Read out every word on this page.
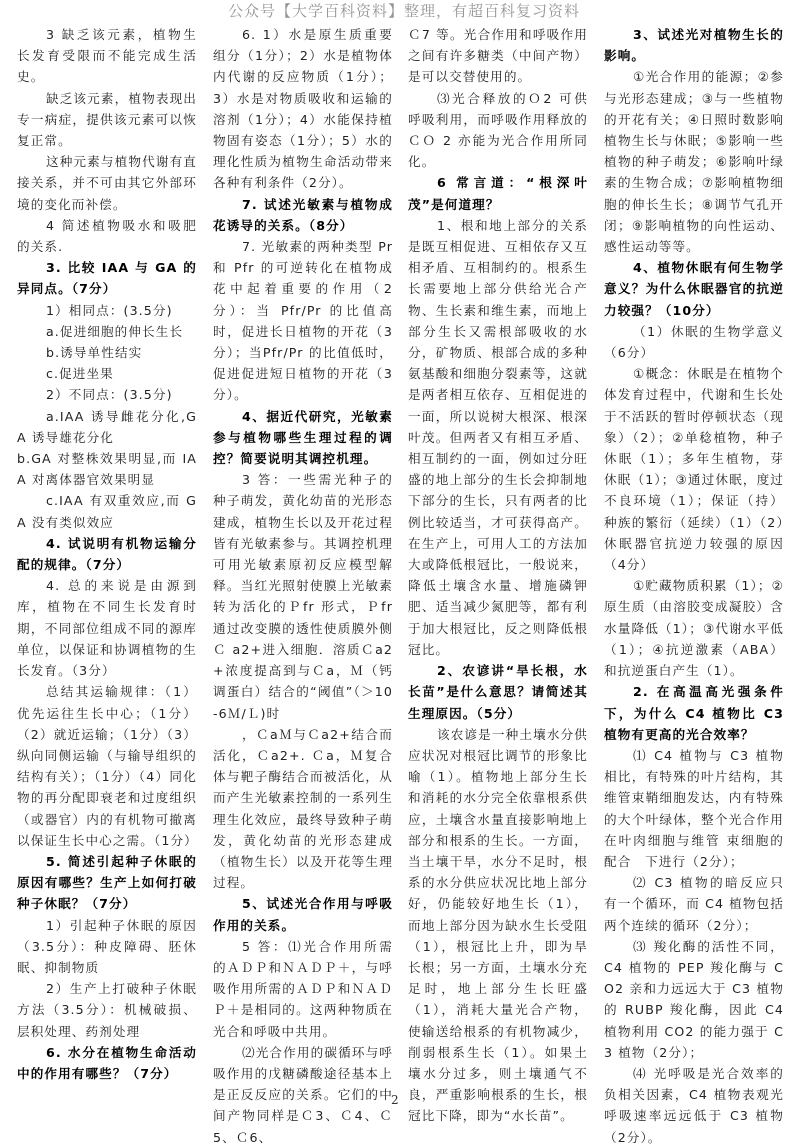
公众号【大学百科资料】整理，有超百科复习资料

3 缺乏该元素，植物生长发育受限而不能完成生活史。

缺乏该元素，植物表现出专一病症，提供该元素可以恢复正常。

这种元素与植物代谢有直接关系，并不可由其它外部环境的变化而补偿。

4 简述植物吸水和吸肥的关系.

3. 比较 IAA 与 GA 的异同点。（7分）

1）相同点：(3.5分)

a.促进细胞的伸长生长

b.诱导单性结实

c.促进坐果

2）不同点：(3.5分)

a.IAA 诱导雌花分化,GA 诱导雄花分化

b.GA 对整株效果明显,而 IAA 对离体器官效果明显

c.IAA 有双重效应,而 GA 没有类似效应

4. 试说明有机物运输分配的规律。（7分）

4. 总的来说是由源到库，植物在不同生长发育时期，不同部位组成不同的源库单位，以保证和协调植物的生长发育。（3分）

总结其运输规律：（1）优先运往生长中心；（1分）（2）就近运输；（1分）（3）纵向同侧运输（与输导组织的结构有关）；（1分）（4）同化物的再分配即衰老和过度组织（或器官）内的有机物可撤离以保证生长中心之需。（1分）

5. 简述引起种子休眠的原因有哪些？生产上如何打破种子休眠？（7分）

1）引起种子休眠的原因（3.5分）：种皮障碍、胚休眠、抑制物质

2）生产上打破种子休眠方法（3.5分）：机械破损、层积处理、药剂处理

6. 水分在植物生命活动中的作用有哪些？（7分）

6. 1）水是原生质重要组分（1分）；2）水是植物体内代谢的反应物质（1分）；3）水是对物质吸收和运输的溶剂（1分）；4）水能保持植物固有姿态（1分）；5）水的理化性质为植物生命活动带来各种有利条件（2分）。

7. 试述光敏素与植物成花诱导的关系。（8分）

7. 光敏素的两种类型 Pr 和 Pfr 的可逆转化在植物成花中起着重要的作用（2分）：当 Pfr/Pr 的比值高时，促进长日植物的开花（3分）；当Pfr/Pr 的比值低时，促进促进短日植物的开花（3分）。

4、据近代研究，光敏素参与植物哪些生理过程的调控？简要说明其调控机理。

3 答：一些需光种子的种子萌发，黄化幼苗的光形态建成，植物生长以及开花过程皆有光敏素参与。其调控机理可用光敏素原初反应模型解释。当红光照射使膜上光敏素转为活化的Ｐfr 形式，Ｐfr 通过改变膜的透性使质膜外侧Ｃ a2+进入细胞．溶质Ｃa2+浓度提高到与Ｃa，Ｍ（钙调蛋白）结合的“阈值”（＞10-6Ｍ/Ｌ)时

，ＣaＭ与Ｃa2+结合而活化，Ｃa2+. Ｃa，Ｍ复合体与靶子酶结合而被活化，从而产生光敏素控制的一系列生理生化效应，最终导致种子萌发，黄化幼苗的光形态建成（植物生长）以及开花等生理过程。

5、试述光合作用与呼吸作用的关系。

5 答：⑴光合作用所需的ＡＤＰ和ＮＡＤＰ＋，与呼吸作用所需的ＡＤＰ和ＮＡＤＰ＋是相同的。这两种物质在光合和呼吸中共用。

⑵光合作用的碳循环与呼吸作用的戊糖磷酸途径基本上是正反反应的关系。它们的中间产物同样是Ｃ3、Ｃ4、Ｃ5、Ｃ6、

Ｃ7 等。光合作用和呼吸作用之间有许多糖类（中间产物）是可以交替使用的。

⑶光合释放的Ｏ2 可供呼吸利用，而呼吸作用释放的ＣＯ 2 亦能为光合作用所同化。

6 常言道：“根深叶茂”是何道理？

1、根和地上部分的关系是既互相促进、互相依存又互相矛盾、互相制约的。根系生长需要地上部分供给光合产物、生长素和维生素，而地上部分生长又需根部吸收的水分，矿物质、根部合成的多种氨基酸和细胞分裂素等，这就是两者相互依存、互相促进的一面，所以说树大根深、根深叶茂。但两者又有相互矛盾、相互制约的一面，例如过分旺盛的地上部分的生长会抑制地下部分的生长，只有两者的比例比较适当，才可获得高产。在生产上，可用人工的方法加大或降低根冠比，一般说来，降低土壤含水量、增施磷钾肥、适当减少氮肥等，都有利于加大根冠比，反之则降低根冠比。

2、农谚讲“旱长根，水长苗”是什么意思？请简述其生理原因。（5分）

该农谚是一种土壤水分供应状况对根冠比调节的形象比喻（1）。植物地上部分生长和消耗的水分完全依靠根系供应，土壤含水量直接影响地上部分和根系的生长。一方面，当土壤干旱，水分不足时，根系的水分供应状况比地上部分好，仍能较好地生长（1），而地上部分因为缺水生长受阻（1），根冠比上升，即为旱长根；另一方面，土壤水分充足时，地上部分生长旺盛（1），消耗大量光合产物，使输送给根系的有机物减少，削弱根系生长（1）。如果土壤水分过多，则土壤通气不良，严重影响根系的生长，根冠比下降，即为“水长苗”。

3、试述光对植物生长的影响。

①光合作用的能源；②参与光形态建成；③与一些植物的开花有关；④日照时数影响植物生长与休眠；⑤影响一些植物的种子萌发；⑥影响叶绿素的生物合成；⑦影响植物细胞的伸长生长；⑧调节气孔开闭；⑨影响植物的向性运动、感性运动等等。

4、植物休眠有何生物学意义？为什么休眠器官的抗逆力较强？（10分）

（1）休眠的生物学意义（6分）

①概念：休眠是在植物个体发育过程中，代谢和生长处于不活跃的暂时停顿状态（现象）（2）；②单稔植物，种子休眠（1）；多年生植物，芽休眠（1）；③通过休眠，度过不良环境（1）；保证（持）种族的繁衍（延续）（1）（2）休眠器官抗逆力较强的原因（4分）

①贮藏物质积累（1）；②原生质（由溶胶变成凝胶）含水量降低（1）；③代谢水平低（1）；④抗逆激素（ABA）和抗逆蛋白产生（1）。

2. 在高温高光强条件下，为什么 C4 植物比 C3 植物有更高的光合效率？

⑴ C4 植物与 C3 植物相比，有特殊的叶片结构，其维管束鞘细胞发达，内有特殊的大个叶绿体，整个光合作用在叶肉细胞与维管 束细胞的配合　下进行（2分）；

⑵ C3 植物的暗反应只有一个循环，而 C4 植物包括两个连续的循环（2分）；

⑶ 羧化酶的活性不同，C4 植物的 PEP 羧化酶与 CO2 亲和力远远大于 C3 植物的 RUBP 羧化酶，因此 C4 植物利用 CO2 的能力强于 C3 植物（2分）；

⑷ 光呼吸是光合效率的负相关因素，C4 植物表观光呼吸速率远远低于 C3 植物（2分）。

2
